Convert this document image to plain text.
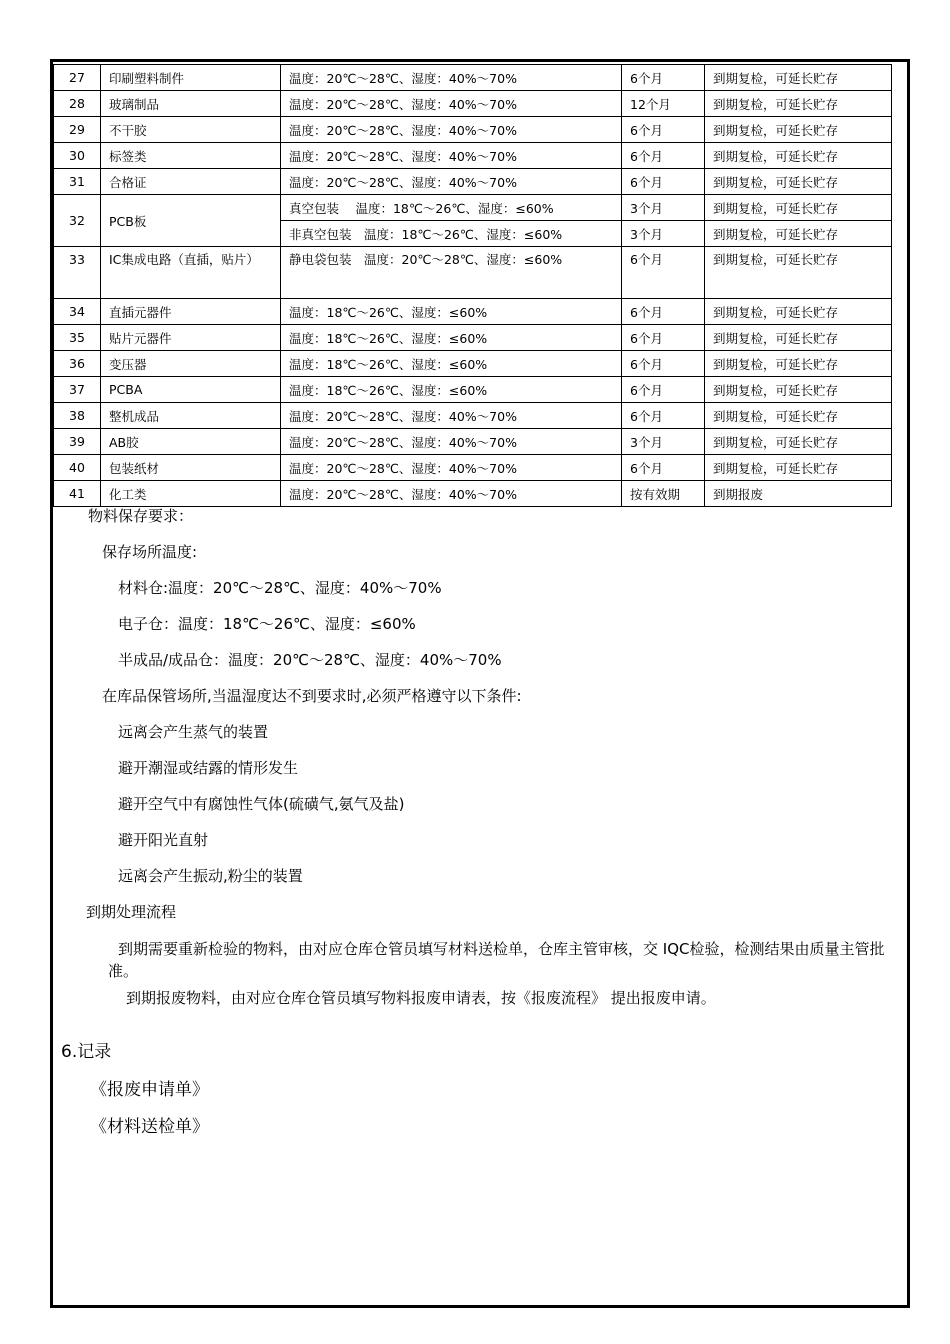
27	印刷塑料制件	温度：20℃～28℃、湿度：40%～70%	6个月	到期复检，可延长贮存
28	玻璃制品	温度：20℃～28℃、湿度：40%～70%	12个月	到期复检，可延长贮存
29	不干胶	温度：20℃～28℃、湿度：40%～70%	6个月	到期复检，可延长贮存
30	标签类	温度：20℃～28℃、湿度：40%～70%	6个月	到期复检，可延长贮存
31	合格证	温度：20℃～28℃、湿度：40%～70%	6个月	到期复检，可延长贮存
32	PCB板	真空包装　 温度：18℃～26℃、湿度：≤60%	3个月	到期复检，可延长贮存
		非真空包装　温度：18℃～26℃、湿度：≤60%	3个月	到期复检，可延长贮存
33	IC集成电路（直插，贴片）	静电袋包装　温度：20℃～28℃、湿度：≤60%	6个月	到期复检，可延长贮存
34	直插元器件	温度：18℃～26℃、湿度：≤60%	6个月	到期复检，可延长贮存
35	贴片元器件	温度：18℃～26℃、湿度：≤60%	6个月	到期复检，可延长贮存
36	变压器	温度：18℃～26℃、湿度：≤60%	6个月	到期复检，可延长贮存
37	PCBA	温度：18℃～26℃、湿度：≤60%	6个月	到期复检，可延长贮存
38	整机成品	温度：20℃～28℃、湿度：40%～70%	6个月	到期复检，可延长贮存
39	AB胶	温度：20℃～28℃、湿度：40%～70%	3个月	到期复检，可延长贮存
40	包装纸材	温度：20℃～28℃、湿度：40%～70%	6个月	到期复检，可延长贮存
41	化工类	温度：20℃～28℃、湿度：40%～70%	按有效期	到期报废
物料保存要求：
保存场所温度:
材料仓:温度：20℃～28℃、湿度：40%～70%
电子仓：温度：18℃～26℃、湿度：≤60%
半成品/成品仓：温度：20℃～28℃、湿度：40%～70%
在库品保管场所,当温湿度达不到要求时,必须严格遵守以下条件:
远离会产生蒸气的装置
避开潮湿或结露的情形发生
避开空气中有腐蚀性气体(硫磺气,氨气及盐)
避开阳光直射
远离会产生振动,粉尘的装置
到期处理流程
到期需要重新检验的物料，由对应仓库仓管员填写材料送检单，仓库主管审核，交 IQC检验，检测结果由质量主管批准。
到期报废物料，由对应仓库仓管员填写物料报废申请表，按《报废流程》 提出报废申请。
6.记录
《报废申请单》
《材料送检单》
